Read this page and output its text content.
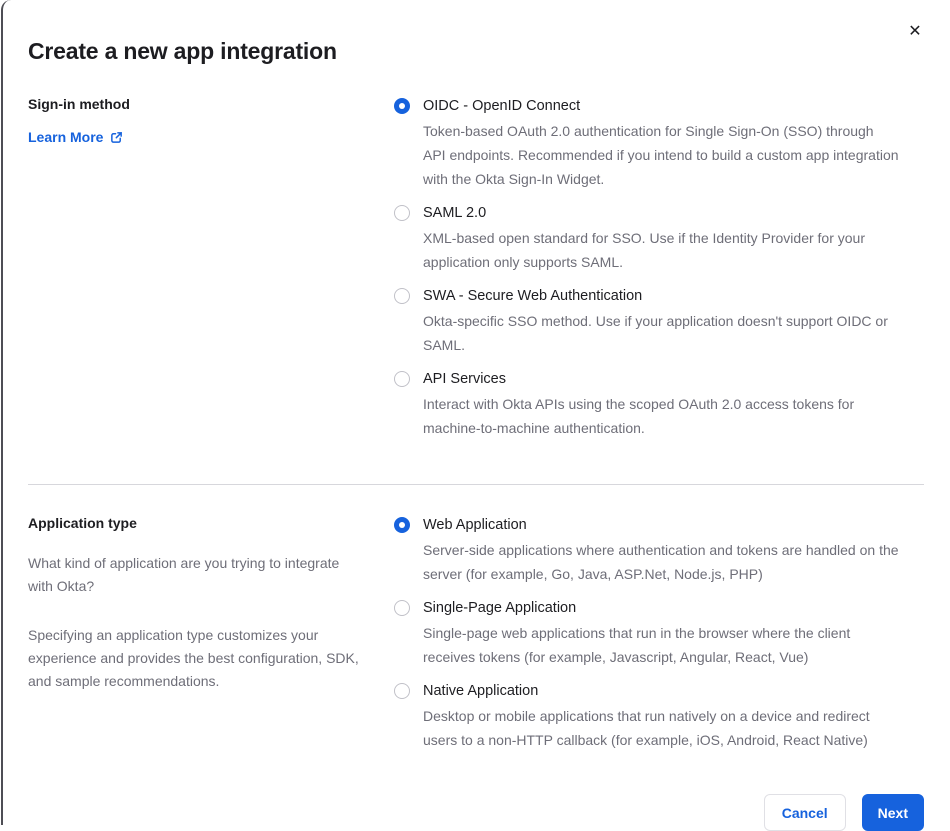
✕
Create a new app integration
Sign-in method
Learn More
OIDC - OpenID Connect
Token-based OAuth 2.0 authentication for Single Sign-On (SSO) through API endpoints. Recommended if you intend to build a custom app integration with the Okta Sign-In Widget.
SAML 2.0
XML-based open standard for SSO. Use if the Identity Provider for your application only supports SAML.
SWA - Secure Web Authentication
Okta-specific SSO method. Use if your application doesn't support OIDC or SAML.
API Services
Interact with Okta APIs using the scoped OAuth 2.0 access tokens for machine-to-machine authentication.
Application type

What kind of application are you trying to integrate with Okta?

Specifying an application type customizes your experience and provides the best configuration, SDK, and sample recommendations.

Web Application
Server-side applications where authentication and tokens are handled on the server (for example, Go, Java, ASP.Net, Node.js, PHP)
Single-Page Application
Single-page web applications that run in the browser where the client receives tokens (for example, Javascript, Angular, React, Vue)
Native Application
Desktop or mobile applications that run natively on a device and redirect users to a non-HTTP callback (for example, iOS, Android, React Native)
Cancel	Next
